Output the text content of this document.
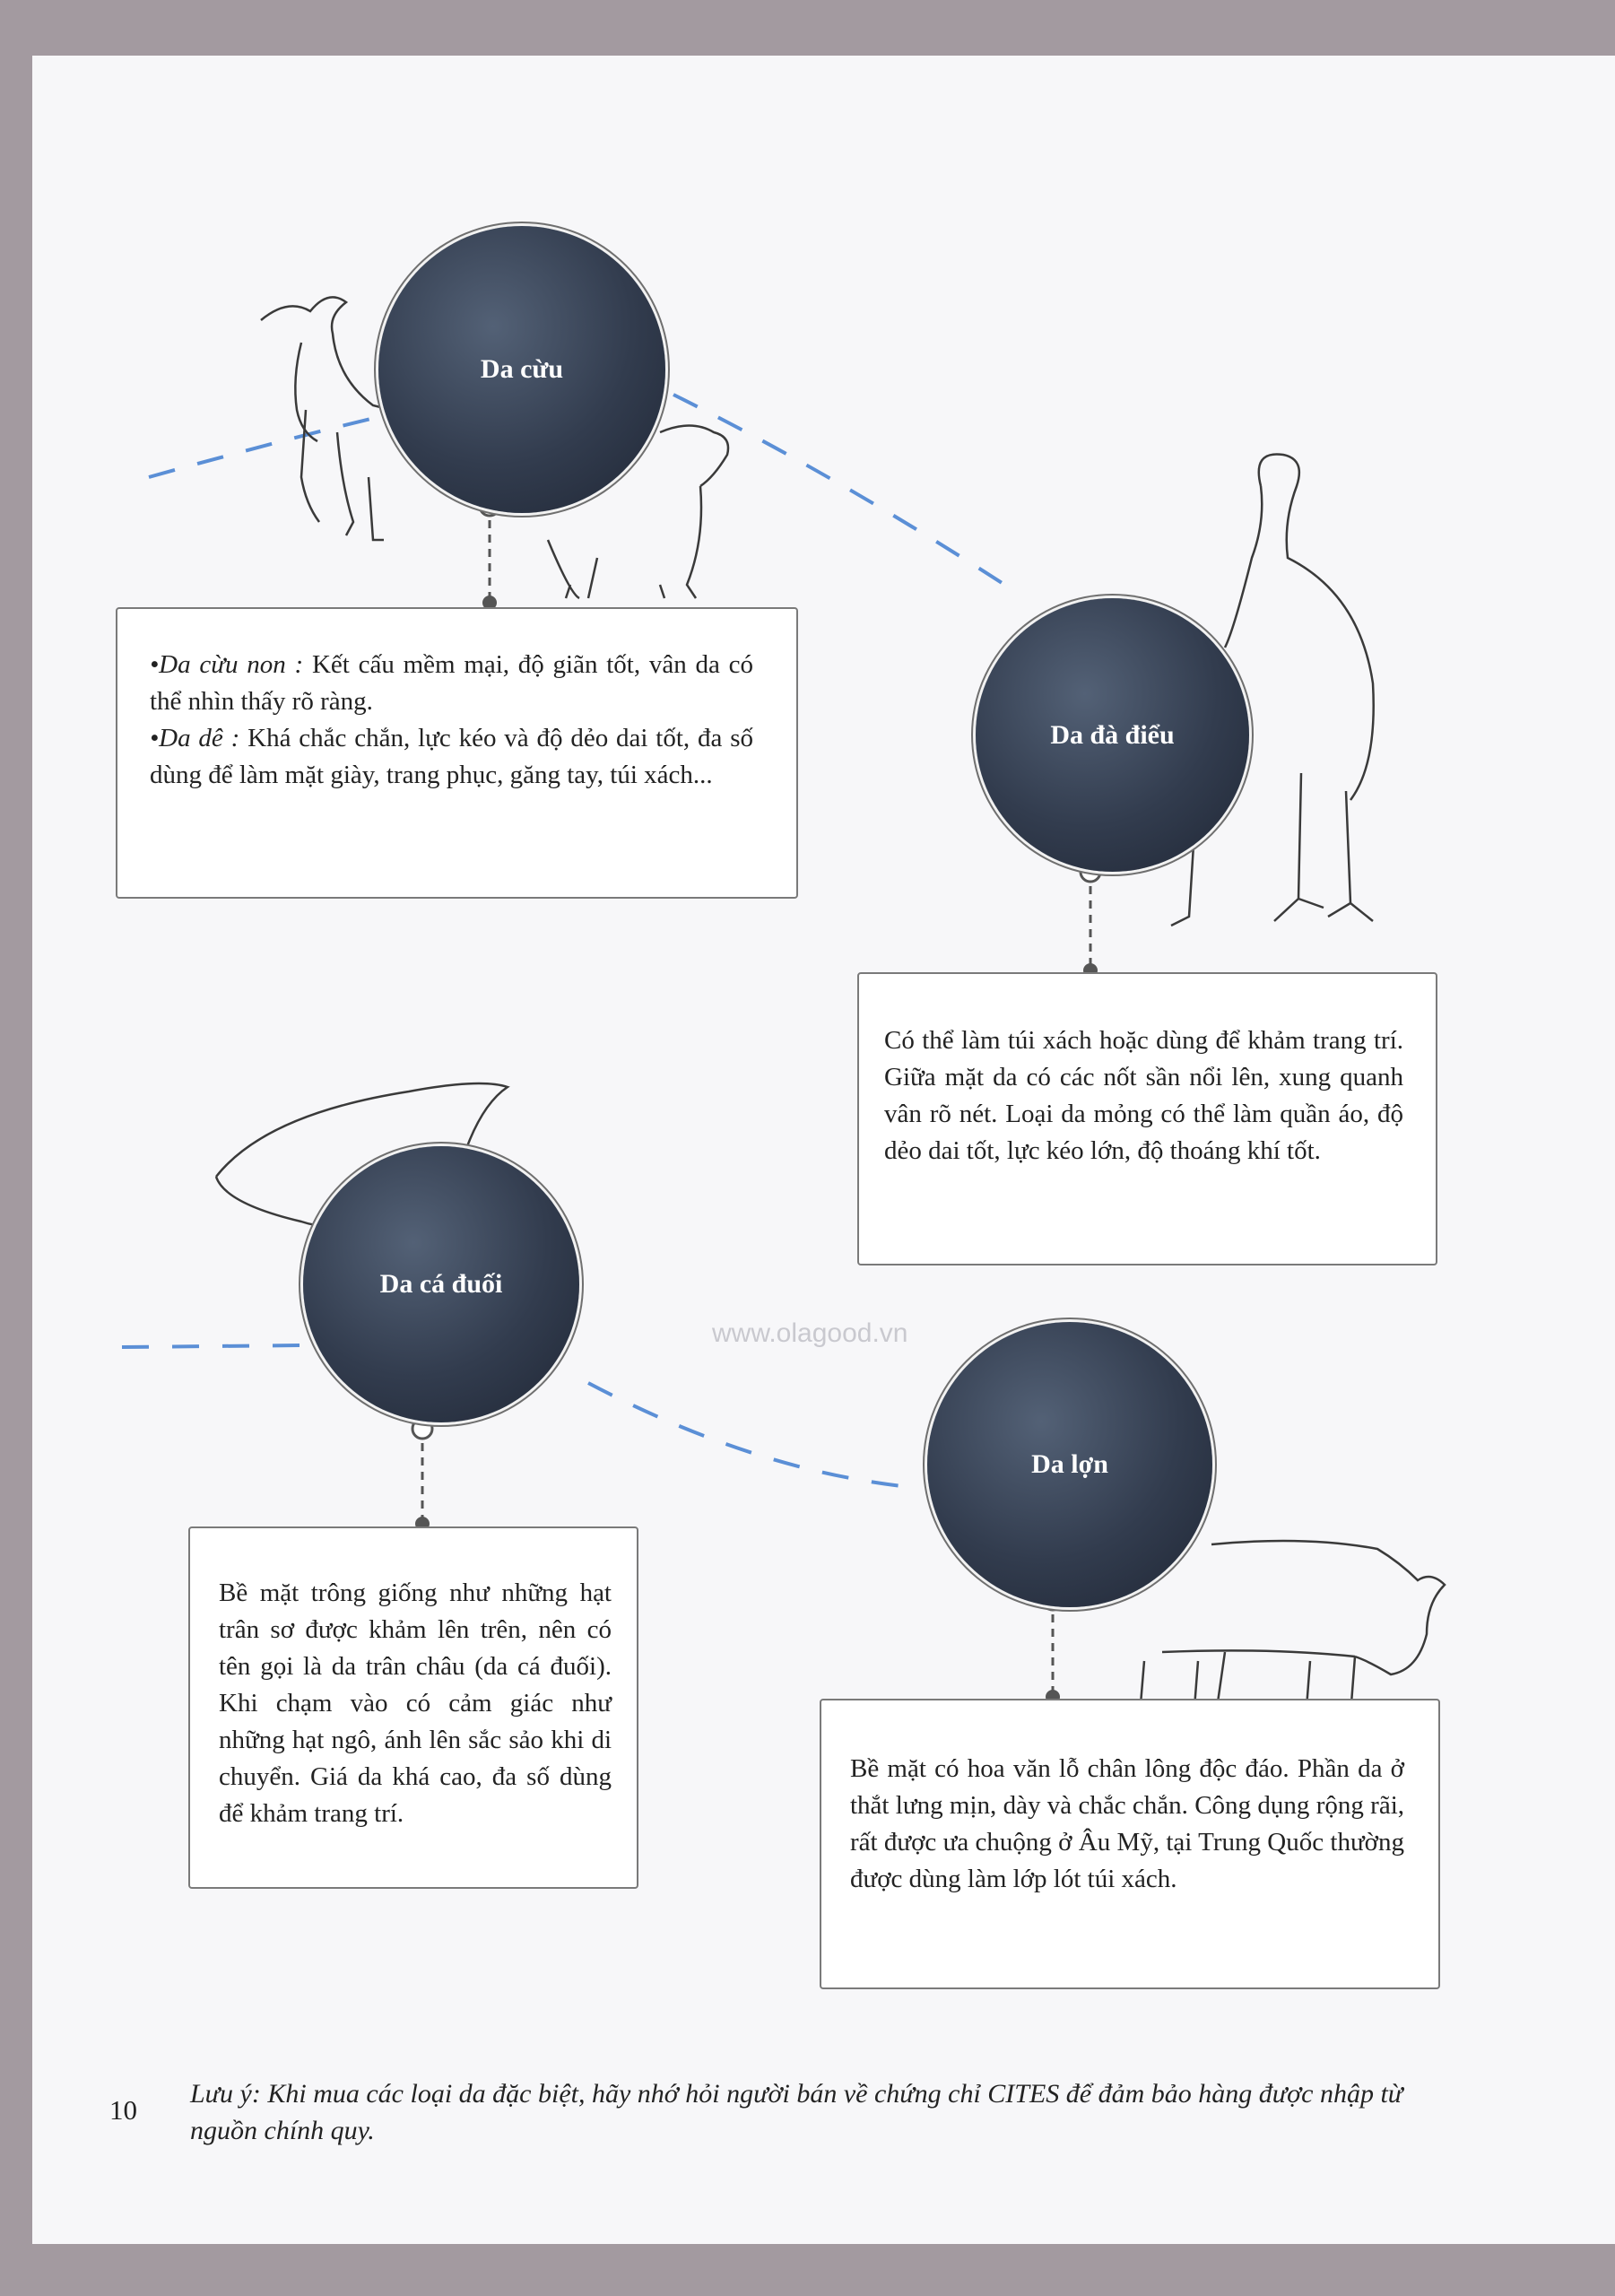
Da cừu
Da đà điểu
Da cá đuối
Da lợn

•Da cừu non : Kết cấu mềm mại, độ giãn tốt, vân da có thể nhìn thấy rõ ràng.

•Da dê : Khá chắc chắn, lực kéo và độ dẻo dai tốt, đa số dùng để làm mặt giày, trang phục, găng tay, túi xách...

Có thể làm túi xách hoặc dùng để khảm trang trí. Giữa mặt da có các nốt sần nổi lên, xung quanh vân rõ nét. Loại da mỏng có thể làm quần áo, độ dẻo dai tốt, lực kéo lớn, độ thoáng khí tốt.

Bề mặt trông giống như những hạt trân sơ được khảm lên trên, nên có tên gọi là da trân châu (da cá đuối). Khi chạm vào có cảm giác như những hạt ngô, ánh lên sắc sảo khi di chuyển. Giá da khá cao, đa số dùng để khảm trang trí.

Bề mặt có hoa văn lỗ chân lông độc đáo. Phần da ở thắt lưng mịn, dày và chắc chắn. Công dụng rộng rãi, rất được ưa chuộng ở Âu Mỹ, tại Trung Quốc thường được dùng làm lớp lót túi xách.

www.olagood.vn
Lưu ý: Khi mua các loại da đặc biệt, hãy nhớ hỏi người bán về chứng chỉ CITES để đảm bảo hàng được nhập từ nguồn chính quy.
10
